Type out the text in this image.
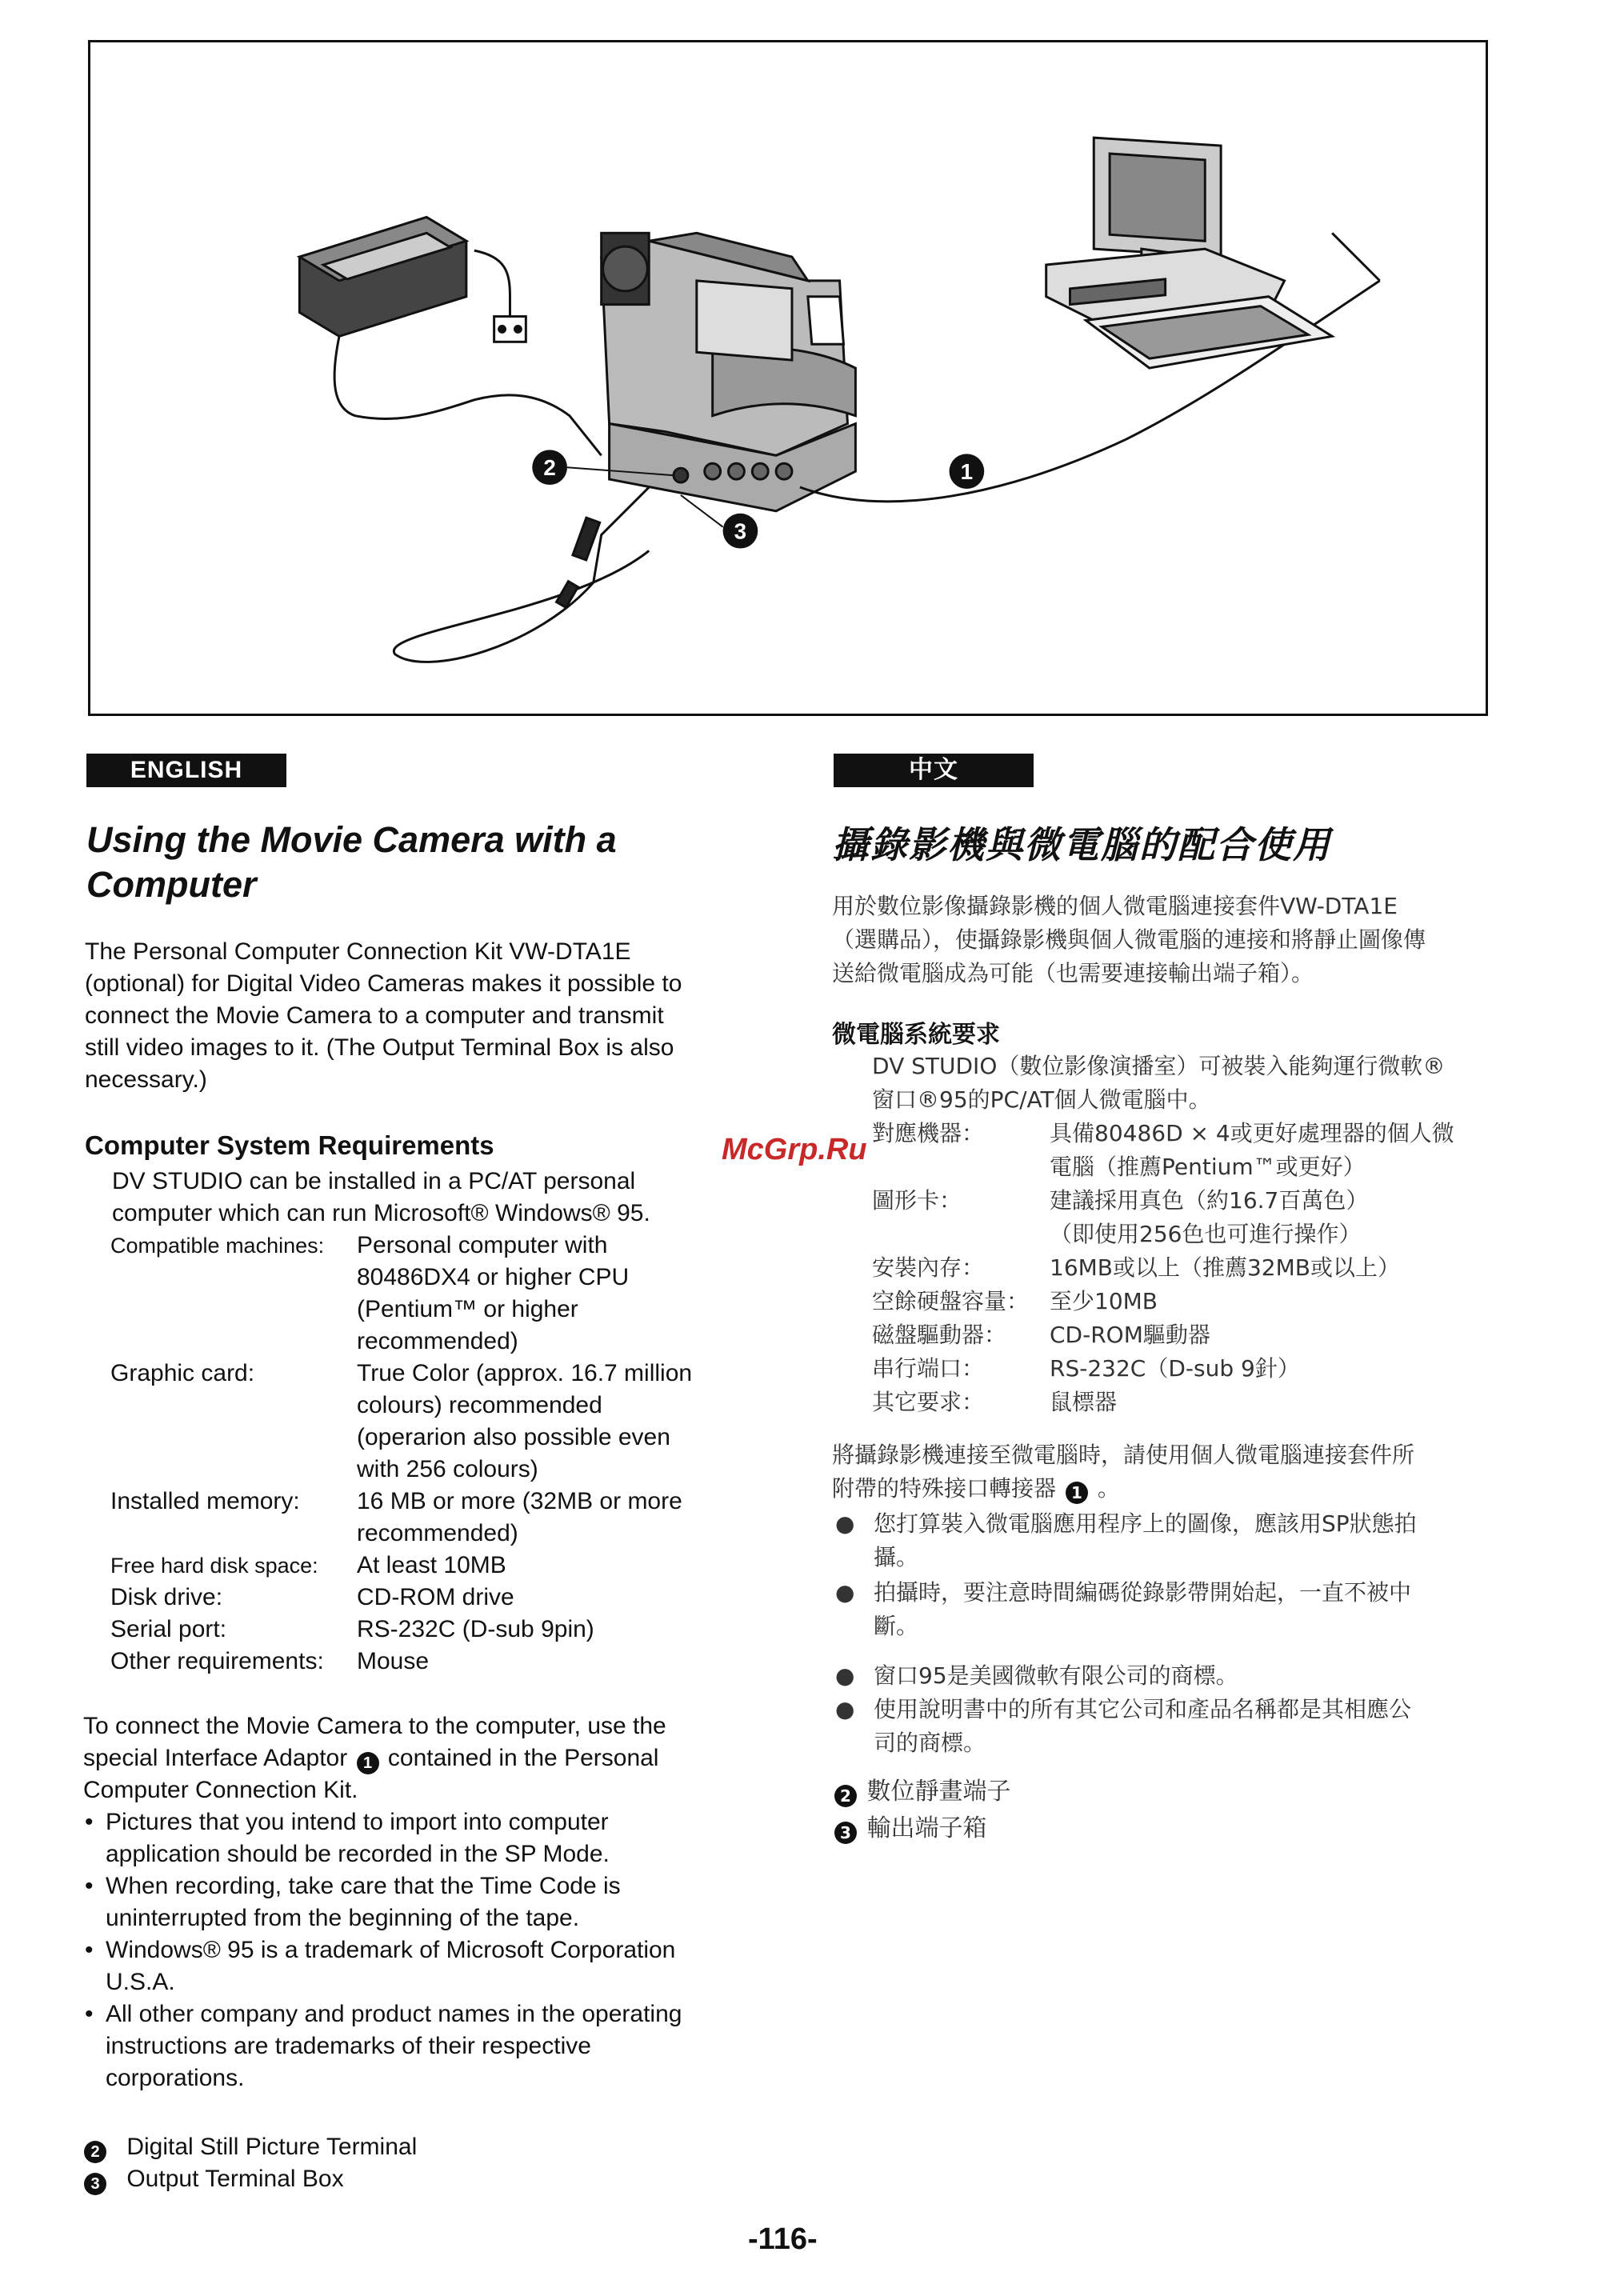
1
2
3
ENGLISH
Using the Movie Camera with a
Computer
The Personal Computer Connection Kit VW-DTA1E
(optional) for Digital Video Cameras makes it possible to
connect the Movie Camera to a computer and transmit
still video images to it. (The Output Terminal Box is also
necessary.)
Computer System Requirements
DV STUDIO can be installed in a PC/AT personal
computer which can run Microsoft® Windows® 95.
Compatible machines:	Personal computer with
80486DX4 or higher CPU
(Pentium™ or higher
recommended)
Graphic card:	True Color (approx. 16.7 million
colours) recommended
(operarion also possible even
with 256 colours)
Installed memory:	16 MB or more (32MB or more
recommended)
Free hard disk space:	At least 10MB
Disk drive:	CD-ROM drive
Serial port:	RS-232C (D-sub 9pin)
Other requirements:	Mouse
To connect the Movie Camera to the computer, use the
special Interface Adaptor 1 contained in the Personal
Computer Connection Kit.
• Pictures that you intend to import into computer
application should be recorded in the SP Mode.
• When recording, take care that the Time Code is
uninterrupted from the beginning of the tape.
• Windows® 95 is a trademark of Microsoft Corporation
U.S.A.
• All other company and product names in the operating
instructions are trademarks of their respective
corporations.
2 Digital Still Picture Terminal
3 Output Terminal Box
中文
攝錄影機與微電腦的配合使用
用於數位影像攝錄影機的個人微電腦連接套件VW-DTA1E
（選購品），使攝錄影機與個人微電腦的連接和將靜止圖像傳
送給微電腦成為可能（也需要連接輸出端子箱）。
微電腦系統要求
DV STUDIO（數位影像演播室）可被裝入能夠運行微軟®
窗口®95的PC/AT個人微電腦中。
對應機器：	具備80486D × 4或更好處理器的個人微
電腦（推薦Pentium™或更好）
圖形卡：	建議採用真色（約16.7百萬色）
（即使用256色也可進行操作）
安裝內存：	16MB或以上（推薦32MB或以上）
空餘硬盤容量： 至少10MB
磁盤驅動器：	CD-ROM驅動器
串行端口：	RS-232C（D-sub 9針）
其它要求：	鼠標器
將攝錄影機連接至微電腦時，請使用個人微電腦連接套件所
附帶的特殊接口轉接器 1 。
● 您打算裝入微電腦應用程序上的圖像，應該用SP狀態拍
攝。
● 拍攝時，要注意時間編碼從錄影帶開始起，一直不被中
斷。
● 窗口95是美國微軟有限公司的商標。
● 使用說明書中的所有其它公司和產品名稱都是其相應公
司的商標。
2 數位靜畫端子
3 輸出端子箱
McGrp.Ru
-116-
